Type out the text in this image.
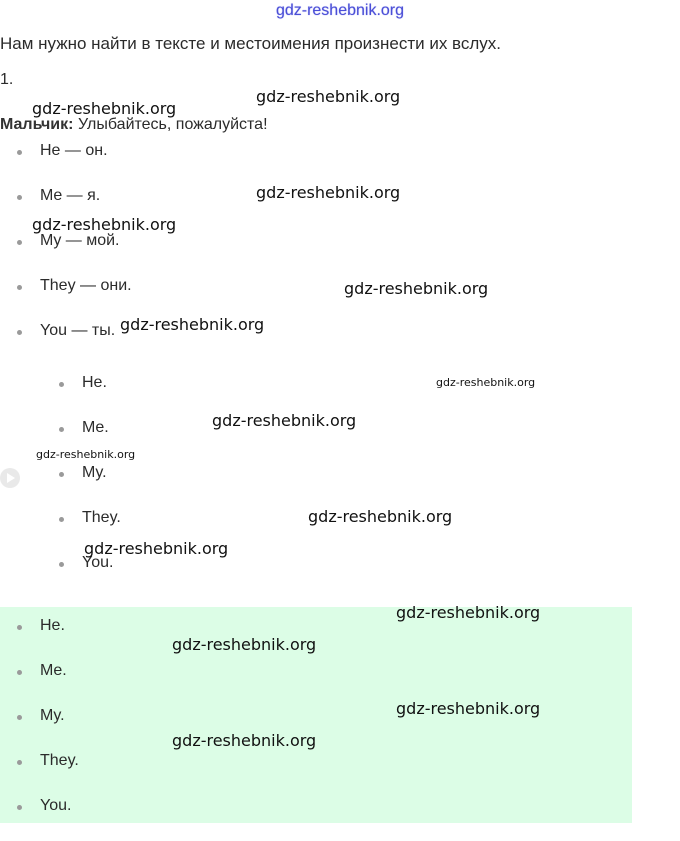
gdz-reshebnik.org
Нам нужно найти в тексте и местоимения произнести их вслух.
1.
Мальчик: Улыбайтесь, пожалуйста!
He — он.
Me — я.
My — мой.
They — они.
You — ты.
He.
Me.
My.
They.
You.
He.
Me.
My.
They.
You.
gdz-reshebnik.org
gdz-reshebnik.org
gdz-reshebnik.org
gdz-reshebnik.org
gdz-reshebnik.org
gdz-reshebnik.org
gdz-reshebnik.org
gdz-reshebnik.org
gdz-reshebnik.org
gdz-reshebnik.org
gdz-reshebnik.org
gdz-reshebnik.org
gdz-reshebnik.org
gdz-reshebnik.org
gdz-reshebnik.org
